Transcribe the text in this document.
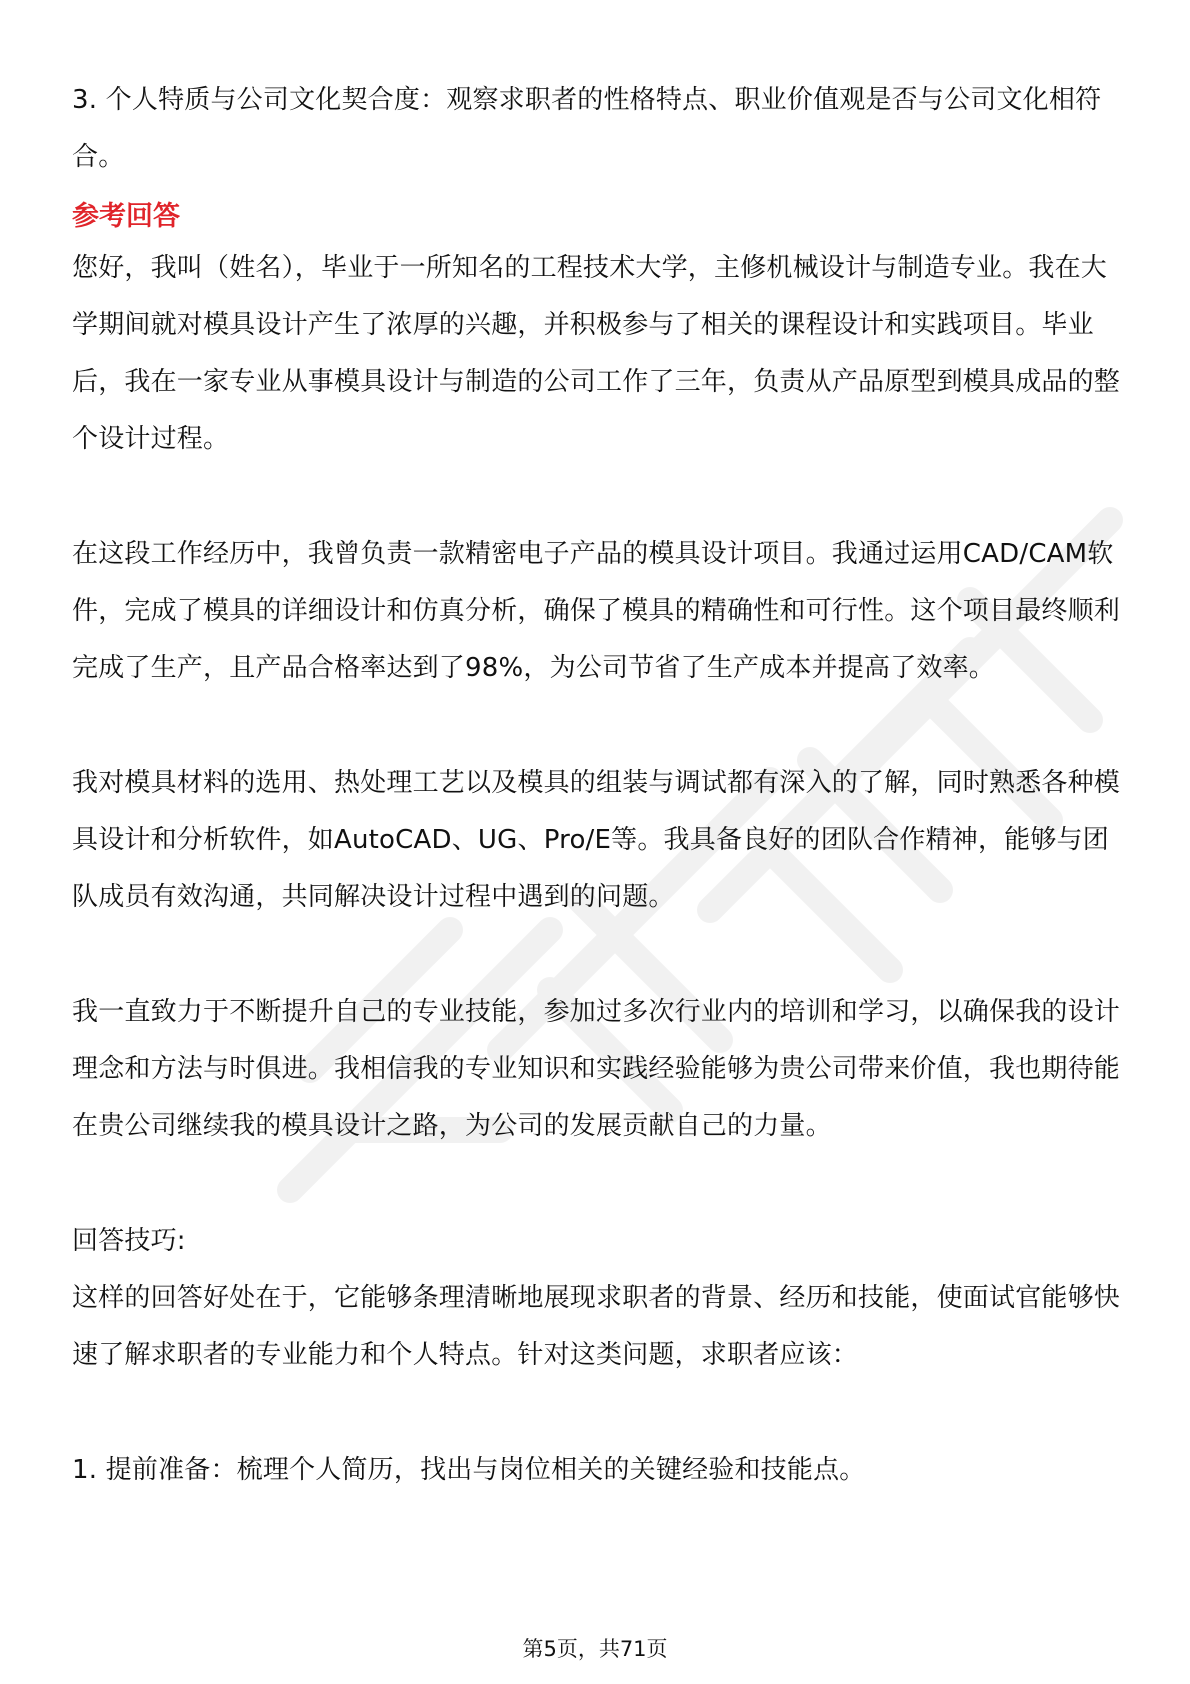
3. 个人特质与公司文化契合度：观察求职者的性格特点、职业价值观是否与公司文化相符合。

参考回答

您好，我叫（姓名），毕业于一所知名的工程技术大学，主修机械设计与制造专业。我在大学期间就对模具设计产生了浓厚的兴趣，并积极参与了相关的课程设计和实践项目。毕业后，我在一家专业从事模具设计与制造的公司工作了三年，负责从产品原型到模具成品的整个设计过程。

在这段工作经历中，我曾负责一款精密电子产品的模具设计项目。我通过运用CAD/CAM软件，完成了模具的详细设计和仿真分析，确保了模具的精确性和可行性。这个项目最终顺利完成了生产，且产品合格率达到了98%，为公司节省了生产成本并提高了效率。

我对模具材料的选用、热处理工艺以及模具的组装与调试都有深入的了解，同时熟悉各种模具设计和分析软件，如AutoCAD、UG、Pro/E等。我具备良好的团队合作精神，能够与团队成员有效沟通，共同解决设计过程中遇到的问题。

我一直致力于不断提升自己的专业技能，参加过多次行业内的培训和学习，以确保我的设计理念和方法与时俱进。我相信我的专业知识和实践经验能够为贵公司带来价值，我也期待能在贵公司继续我的模具设计之路，为公司的发展贡献自己的力量。

回答技巧:

这样的回答好处在于，它能够条理清晰地展现求职者的背景、经历和技能，使面试官能够快速了解求职者的专业能力和个人特点。针对这类问题，求职者应该：

1. 提前准备：梳理个人简历，找出与岗位相关的关键经验和技能点。

第5页，共71页
